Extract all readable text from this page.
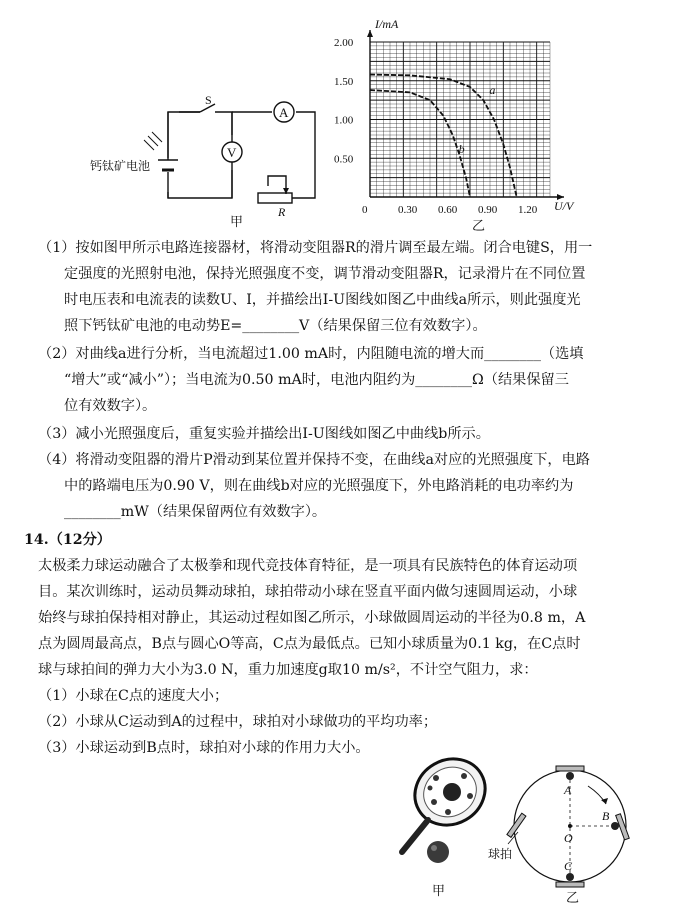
A
V
S
钙钛矿电池
R
甲
0	0.30 0.60 0.90 1.20
2.00
1.50
1.00
0.50
a
b
I/mA
U/V
乙
（1）按如图甲所示电路连接器材，将滑动变阻器R的滑片调至最左端。闭合电键S，用一
定强度的光照射电池，保持光照强度不变，调节滑动变阻器R，记录滑片在不同位置
时电压表和电流表的读数U、I，并描绘出I-U图线如图乙中曲线a所示，则此强度光
照下钙钛矿电池的电动势E=________V（结果保留三位有效数字）。
（2）对曲线a进行分析，当电流超过1.00 mA时，内阻随电流的增大而________（选填
“增大”或“减小”）；当电流为0.50 mA时，电池内阻约为________Ω（结果保留三
位有效数字）。
（3）减小光照强度后，重复实验并描绘出I-U图线如图乙中曲线b所示。
（4）将滑动变阻器的滑片P滑动到某位置并保持不变，在曲线a对应的光照强度下，电路
中的路端电压为0.90 V，则在曲线b对应的光照强度下，外电路消耗的电功率约为
________mW（结果保留两位有效数字）。
14.（12分）
太极柔力球运动融合了太极拳和现代竞技体育特征，是一项具有民族特色的体育运动项
目。某次训练时，运动员舞动球拍，球拍带动小球在竖直平面内做匀速圆周运动，小球
始终与球拍保持相对静止，其运动过程如图乙所示，小球做圆周运动的半径为0.8 m，A
点为圆周最高点，B点与圆心O等高，C点为最低点。已知小球质量为0.1 kg，在C点时
球与球拍间的弹力大小为3.0 N，重力加速度g取10 m/s²，不计空气阻力，求：
（1）小球在C点的速度大小；
（2）小球从C运动到A的过程中，球拍对小球做功的平均功率；
（3）小球运动到B点时，球拍对小球的作用力大小。
甲
A
B
C
O
球拍
乙
